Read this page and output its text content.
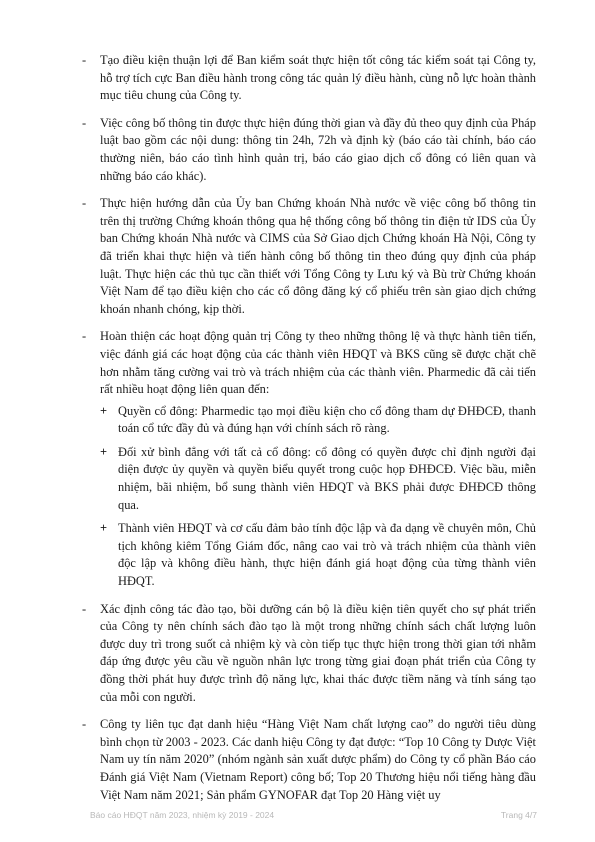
-	Tạo điều kiện thuận lợi để Ban kiểm soát thực hiện tốt công tác kiểm soát tại Công ty, hỗ trợ tích cực Ban điều hành trong công tác quản lý điều hành, cùng nỗ lực hoàn thành mục tiêu chung của Công ty.
-	Việc công bố thông tin được thực hiện đúng thời gian và đầy đủ theo quy định của Pháp luật bao gồm các nội dung: thông tin 24h, 72h và định kỳ (báo cáo tài chính, báo cáo thường niên, báo cáo tình hình quản trị, báo cáo giao dịch cổ đông có liên quan và những báo cáo khác).
-	Thực hiện hướng dẫn của Ủy ban Chứng khoán Nhà nước về việc công bố thông tin trên thị trường Chứng khoán thông qua hệ thống công bố thông tin điện tử IDS của Ủy ban Chứng khoán Nhà nước và CIMS của Sở Giao dịch Chứng khoán Hà Nội, Công ty đã triển khai thực hiện và tiến hành công bố thông tin theo đúng quy định của pháp luật. Thực hiện các thủ tục cần thiết với Tổng Công ty Lưu ký và Bù trừ Chứng khoán Việt Nam để tạo điều kiện cho các cổ đông đăng ký cổ phiếu trên sàn giao dịch chứng khoán nhanh chóng, kịp thời.
-	Hoàn thiện các hoạt động quản trị Công ty theo những thông lệ và thực hành tiên tiến, việc đánh giá các hoạt động của các thành viên HĐQT và BKS cũng sẽ được chặt chẽ hơn nhằm tăng cường vai trò và trách nhiệm của các thành viên. Pharmedic đã cải tiến rất nhiều hoạt động liên quan đến:
+ Quyền cổ đông: Pharmedic tạo mọi điều kiện cho cổ đông tham dự ĐHĐCĐ, thanh toán cổ tức đầy đủ và đúng hạn với chính sách rõ ràng.
+ Đối xử bình đẳng với tất cả cổ đông: cổ đông có quyền được chỉ định người đại diện được ủy quyền và quyền biểu quyết trong cuộc họp ĐHĐCĐ. Việc bầu, miễn nhiệm, bãi nhiệm, bổ sung thành viên HĐQT và BKS phải được ĐHĐCĐ thông qua.
+ Thành viên HĐQT và cơ cấu đảm bảo tính độc lập và đa dạng về chuyên môn, Chủ tịch không kiêm Tổng Giám đốc, nâng cao vai trò và trách nhiệm của thành viên độc lập và không điều hành, thực hiện đánh giá hoạt động của từng thành viên HĐQT.
-	Xác định công tác đào tạo, bồi dưỡng cán bộ là điều kiện tiên quyết cho sự phát triển của Công ty nên chính sách đào tạo là một trong những chính sách chất lượng luôn được duy trì trong suốt cả nhiệm kỳ và còn tiếp tục thực hiện trong thời gian tới nhằm đáp ứng được yêu cầu về nguồn nhân lực trong từng giai đoạn phát triển của Công ty đồng thời phát huy được trình độ năng lực, khai thác được tiềm năng và tính sáng tạo của mỗi con người.
-	Công ty liên tục đạt danh hiệu “Hàng Việt Nam chất lượng cao” do người tiêu dùng bình chọn từ 2003 - 2023. Các danh hiệu Công ty đạt được: “Top 10 Công ty Dược Việt Nam uy tín năm 2020” (nhóm ngành sản xuất dược phẩm) do Công ty cổ phần Báo cáo Đánh giá Việt Nam (Vietnam Report) công bố; Top 20 Thương hiệu nổi tiếng hàng đầu Việt Nam năm 2021; Sản phẩm GYNOFAR đạt Top 20 Hàng việt uy
Báo cáo HĐQT năm 2023, nhiệm kỳ 2019 - 2024	Trang 4/7
